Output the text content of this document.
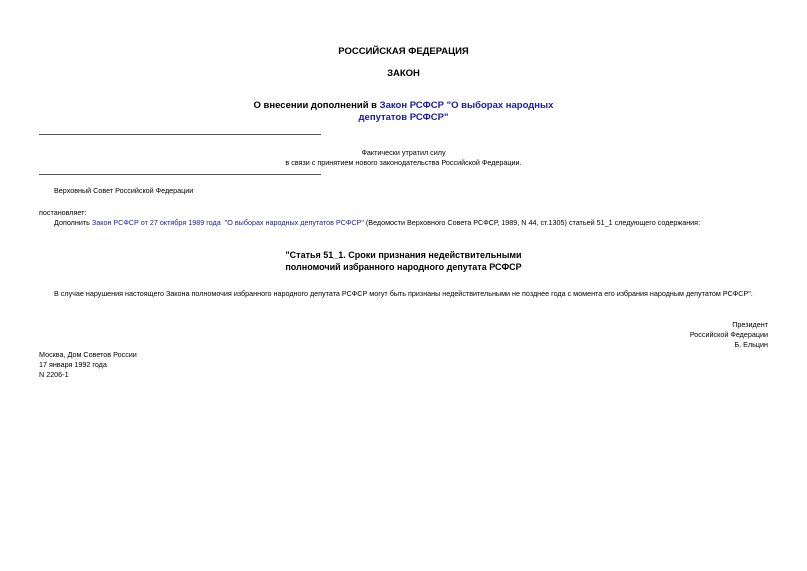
РОССИЙСКАЯ ФЕДЕРАЦИЯ
ЗАКОН
О внесении дополнений в Закон РСФСР "О выборах народных
депутатов РСФСР"
Фактически утратил силу
в связи с принятием нового законодательства Российской Федерации.
Верховный Совет Российской Федерации
постановляет:
Дополнить Закон РСФСР от 27 октября 1989 года "О выборах народных депутатов РСФСР" (Ведомости Верховного Совета РСФСР, 1989, N 44, ст.1305) статьей 51_1 следующего содержания:
"Статья 51_1. Сроки признания недействительными
полномочий избранного народного депутата РСФСР
В случае нарушения настоящего Закона полномочия избранного народного депутата РСФСР могут быть признаны недействительными не позднее года с момента его избрания народным депутатом РСФСР".
Президент
Российской Федерации
Б. Ельцин
Москва, Дом Советов России
17 января 1992 года
N 2206-1
